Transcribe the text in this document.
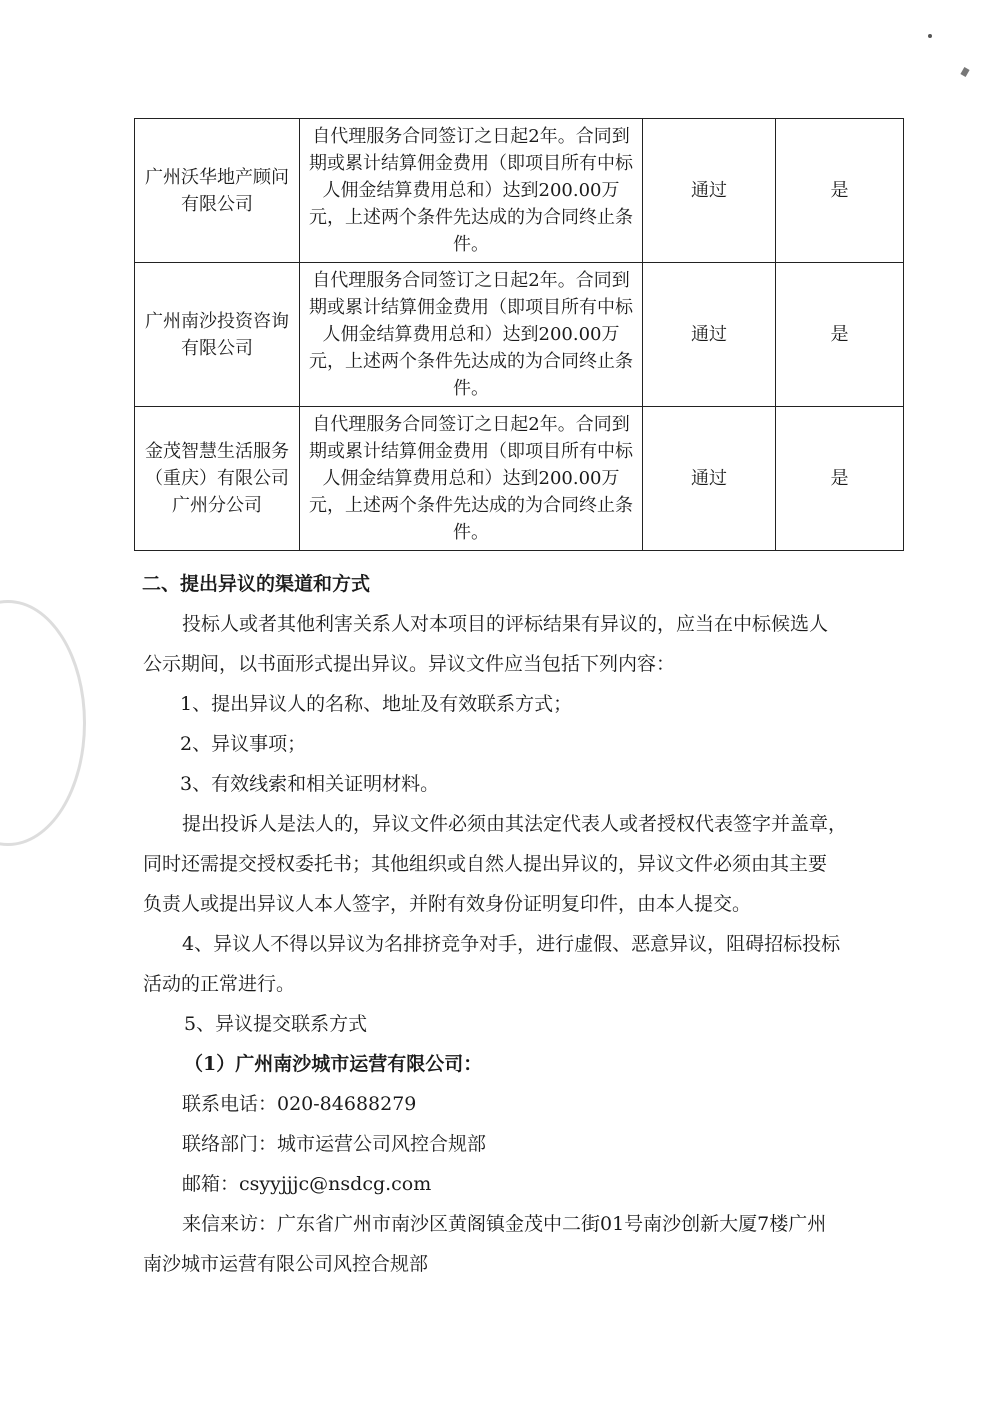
广州沃华地产顾问有限公司	自代理服务合同签订之日起2年。合同到期或累计结算佣金费用（即项目所有中标人佣金结算费用总和）达到200.00万元，上述两个条件先达成的为合同终止条件。	通过	是
广州南沙投资咨询有限公司	自代理服务合同签订之日起2年。合同到期或累计结算佣金费用（即项目所有中标人佣金结算费用总和）达到200.00万元，上述两个条件先达成的为合同终止条件。	通过	是
金茂智慧生活服务（重庆）有限公司广州分公司	自代理服务合同签订之日起2年。合同到期或累计结算佣金费用（即项目所有中标人佣金结算费用总和）达到200.00万元，上述两个条件先达成的为合同终止条件。	通过	是
二、提出异议的渠道和方式
投标人或者其他利害关系人对本项目的评标结果有异议的，应当在中标候选人
公示期间，以书面形式提出异议。异议文件应当包括下列内容：
1、提出异议人的名称、地址及有效联系方式；
2、异议事项；
3、有效线索和相关证明材料。
提出投诉人是法人的，异议文件必须由其法定代表人或者授权代表签字并盖章，
同时还需提交授权委托书；其他组织或自然人提出异议的，异议文件必须由其主要
负责人或提出异议人本人签字，并附有效身份证明复印件，由本人提交。
4、异议人不得以异议为名排挤竞争对手，进行虚假、恶意异议，阻碍招标投标
活动的正常进行。
5、异议提交联系方式
（1）广州南沙城市运营有限公司：
联系电话：020-84688279
联络部门：城市运营公司风控合规部
邮箱：csyyjjjc@nsdcg.com
来信来访：广东省广州市南沙区黄阁镇金茂中二街01号南沙创新大厦7楼广州
南沙城市运营有限公司风控合规部
